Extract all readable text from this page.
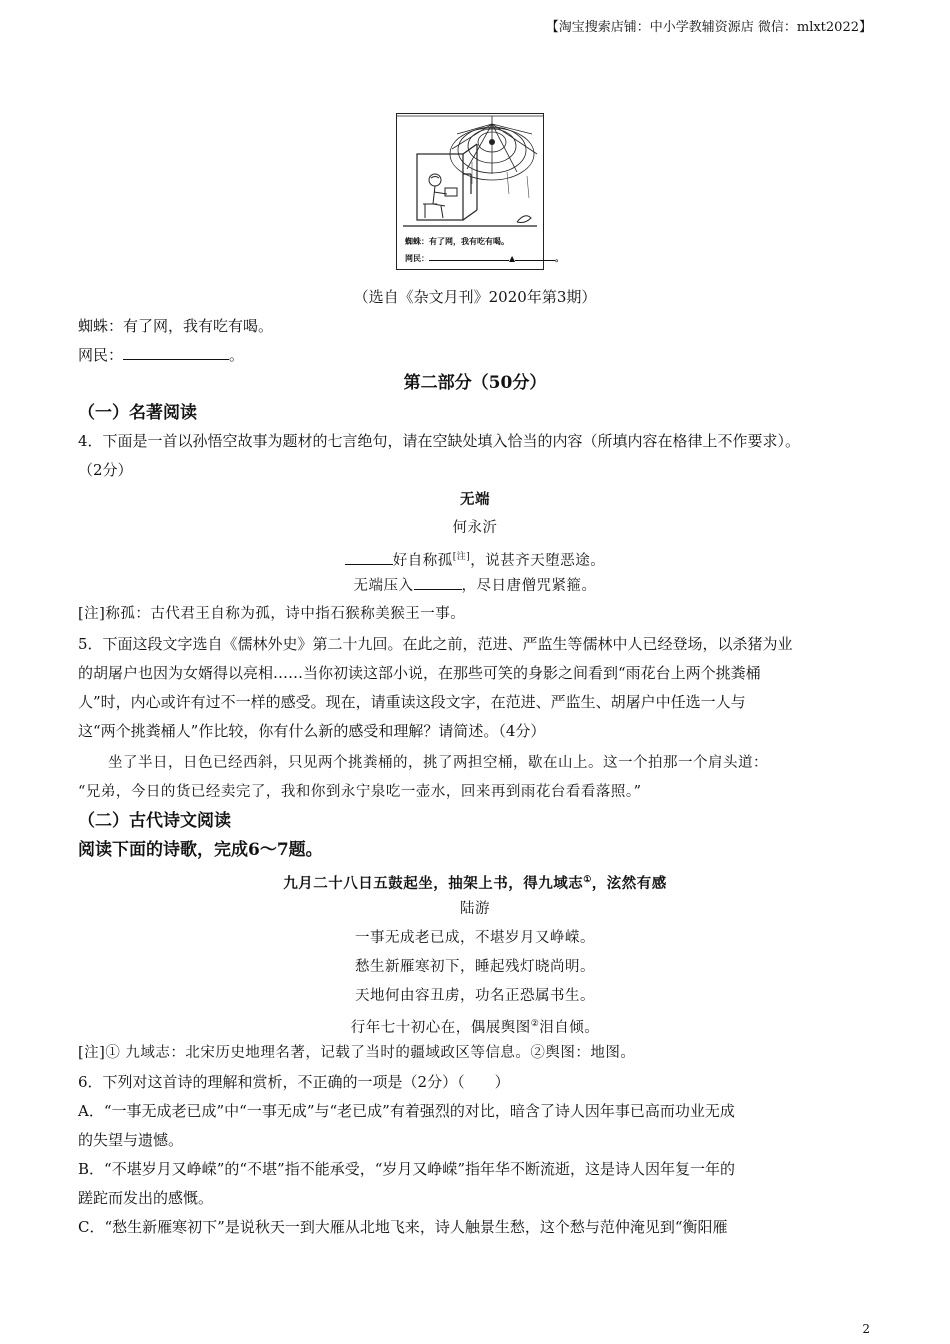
【淘宝搜索店铺：中小学教辅资源店 微信：mlxt2022】
蜘蛛：有了网，我有吃有喝。
网民：	▲	。
（选自《杂文月刊》2020年第3期）
蜘蛛：有了网，我有吃有喝。
网民：	。
第二部分（50分）
（一）名著阅读
4．下面是一首以孙悟空故事为题材的七言绝句，请在空缺处填入恰当的内容（所填内容在格律上不作要求）。
（2分）
无端
何永沂
好自称孤[注]，说甚齐天堕恶途。
无端压入	，尽日唐僧咒紧箍。
[注]称孤：古代君王自称为孤，诗中指石猴称美猴王一事。
5．下面这段文字选自《儒林外史》第二十九回。在此之前，范进、严监生等儒林中人已经登场，以杀猪为业
的胡屠户也因为女婿得以亮相……当你初读这部小说，在那些可笑的身影之间看到“雨花台上两个挑粪桶
人”时，内心或许有过不一样的感受。现在，请重读这段文字，在范进、严监生、胡屠户中任选一人与
这“两个挑粪桶人”作比较，你有什么新的感受和理解？请简述。（4分）
坐了半日，日色已经西斜，只见两个挑粪桶的，挑了两担空桶，歇在山上。这一个拍那一个肩头道：
“兄弟，今日的货已经卖完了，我和你到永宁泉吃一壶水，回来再到雨花台看看落照。”
（二）古代诗文阅读
阅读下面的诗歌，完成6～7题。
九月二十八日五鼓起坐，抽架上书，得九域志①，泫然有感
陆游
一事无成老已成，不堪岁月又峥嵘。
愁生新雁寒初下，睡起残灯晓尚明。
天地何由容丑虏，功名正恐属书生。
行年七十初心在，偶展舆图②泪自倾。
[注]① 九域志：北宋历史地理名著，记载了当时的疆域政区等信息。②舆图：地图。
6．下列对这首诗的理解和赏析，不正确的一项是（2分）（　　）
A．“一事无成老已成”中“一事无成”与“老已成”有着强烈的对比，暗含了诗人因年事已高而功业无成
的失望与遗憾。
B．“不堪岁月又峥嵘”的“不堪”指不能承受，“岁月又峥嵘”指年华不断流逝，这是诗人因年复一年的
蹉跎而发出的感慨。
C．“愁生新雁寒初下”是说秋天一到大雁从北地飞来，诗人触景生愁，这个愁与范仲淹见到“衡阳雁
2
